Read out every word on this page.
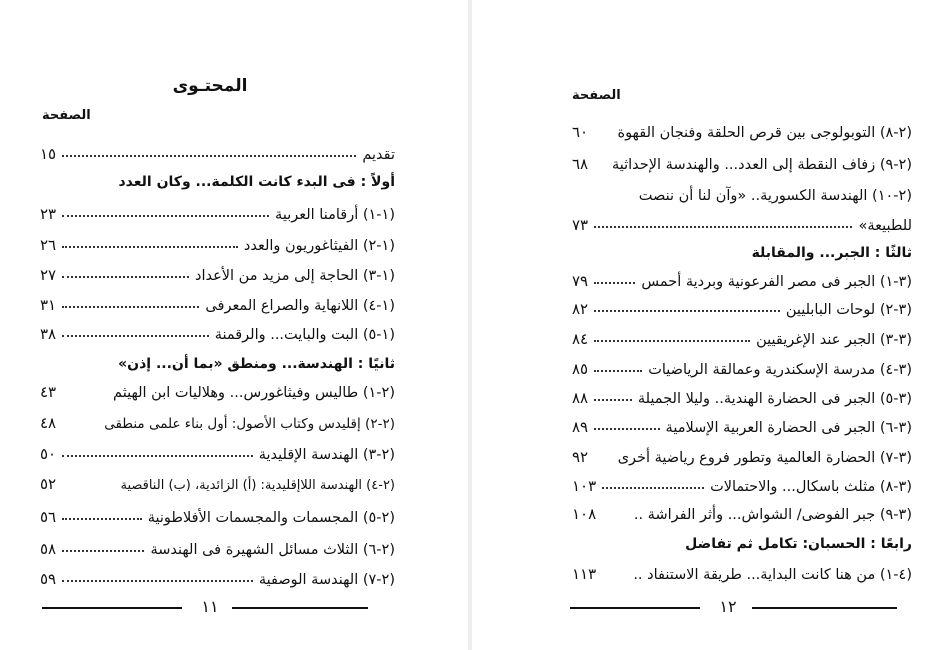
المحتـوى
الصفحة
تقديم
١٥
أولاً : فى البدء كانت الكلمة... وكان العدد
(١-١) أرقامنا العربية
٢٣
(١-٢) الفيثاغوريون والعدد
٢٦
(١-٣) الحاجة إلى مزيد من الأعداد
٢٧
(١-٤) اللانهاية والصراع المعرفى
٣١
(١-٥) البت والبايت... والرقمنة
٣٨
ثانيًا : الهندسة... ومنطق «بما أن... إذن»
(٢-١) طاليس وفيثاغورس... وهلاليات ابن الهيثم
٤٣
(٢-٢) إقليدس وكتاب الأصول: أول بناء علمى منطقى
٤٨
(٢-٣) الهندسة الإقليدية
٥٠
(٢-٤) الهندسة اللاإقليدية: (أ) الزائدية، (ب) الناقصية
٥٢
(٢-٥) المجسمات والمجسمات الأفلاطونية
٥٦
(٢-٦) الثلاث مسائل الشهيرة فى الهندسة
٥٨
(٢-٧) الهندسة الوصفية
٥٩
١١
الصفحة
(٢-٨) التوبولوجى بين قرص الحلقة وفنجان القهوة
٦٠
(٢-٩) زفاف النقطة إلى العدد... والهندسة الإحداثية
٦٨
(٢-١٠) الهندسة الكسورية.. «وآن لنا أن ننصت
للطبيعة»
٧٣
ثالثًا : الجبر... والمقابلة
(٣-١) الجبر فى مصر الفرعونية وبردية أحمس
٧٩
(٣-٢) لوحات البابليين
٨٢
(٣-٣) الجبر عند الإغريقيين
٨٤
(٣-٤) مدرسة الإسكندرية وعمالقة الرياضيات
٨٥
(٣-٥) الجبر فى الحضارة الهندية.. وليلا الجميلة
٨٨
(٣-٦) الجبر فى الحضارة العربية الإسلامية
٨٩
(٣-٧) الحضارة العالمية وتطور فروع رياضية أخرى
٩٢
(٣-٨) مثلث باسكال... والاحتمالات
١٠٣
(٣-٩) جبر الفوضى/ الشواش... وأثر الفراشة ..
١٠٨
رابعًا : الحسبان: تكامل ثم تفاضل
(٤-١) من هنا كانت البداية... طريقة الاستنفاد ..
١١٣
١٢
